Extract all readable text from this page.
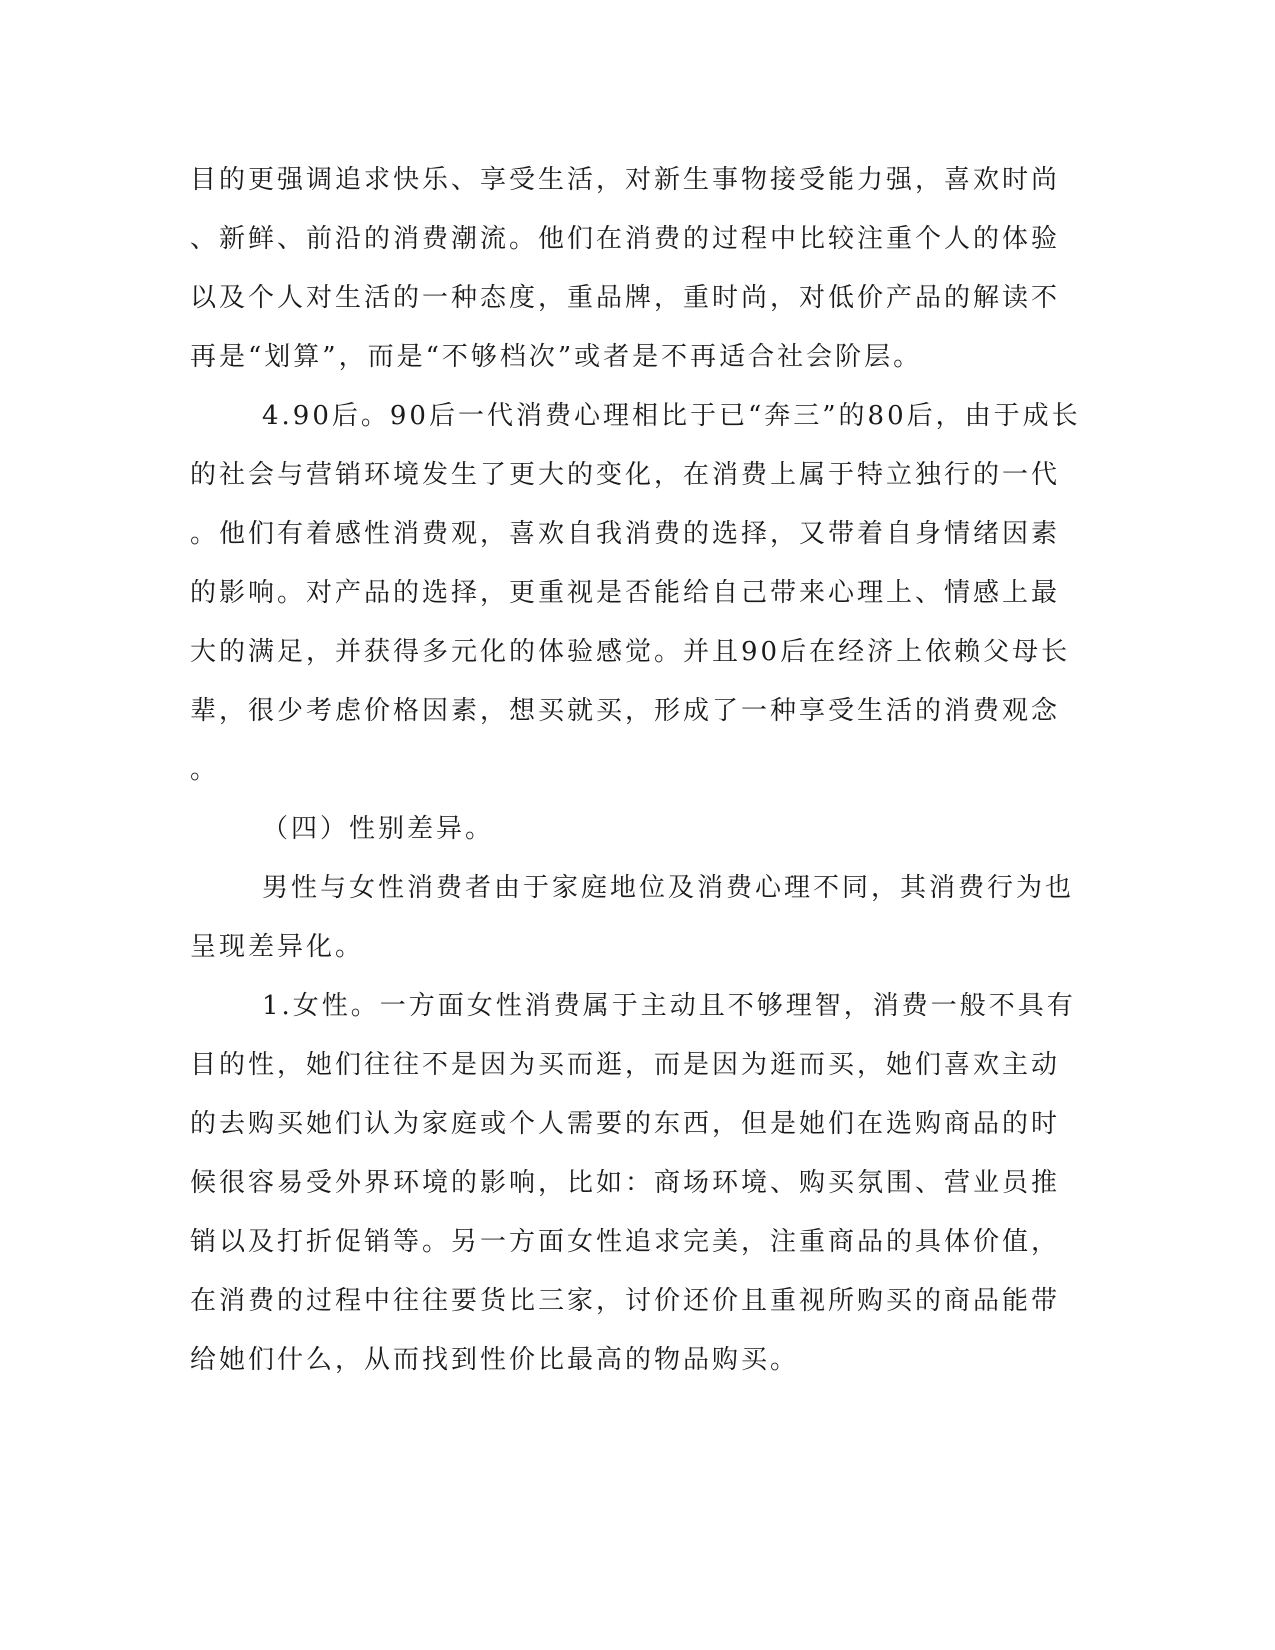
目的更强调追求快乐、享受生活，对新生事物接受能力强，喜欢时尚
、新鲜、前沿的消费潮流。他们在消费的过程中比较注重个人的体验
以及个人对生活的一种态度，重品牌，重时尚，对低价产品的解读不
再是“划算”，而是“不够档次”或者是不再适合社会阶层。
4.90后。90后一代消费心理相比于已“奔三”的80后，由于成长
的社会与营销环境发生了更大的变化，在消费上属于特立独行的一代
。他们有着感性消费观，喜欢自我消费的选择，又带着自身情绪因素
的影响。对产品的选择，更重视是否能给自己带来心理上、情感上最
大的满足，并获得多元化的体验感觉。并且90后在经济上依赖父母长
辈，很少考虑价格因素，想买就买，形成了一种享受生活的消费观念
。
（四）性别差异。
男性与女性消费者由于家庭地位及消费心理不同，其消费行为也
呈现差异化。
1.女性。一方面女性消费属于主动且不够理智，消费一般不具有
目的性，她们往往不是因为买而逛，而是因为逛而买，她们喜欢主动
的去购买她们认为家庭或个人需要的东西，但是她们在选购商品的时
候很容易受外界环境的影响，比如：商场环境、购买氛围、营业员推
销以及打折促销等。另一方面女性追求完美，注重商品的具体价值，
在消费的过程中往往要货比三家，讨价还价且重视所购买的商品能带
给她们什么，从而找到性价比最高的物品购买。
